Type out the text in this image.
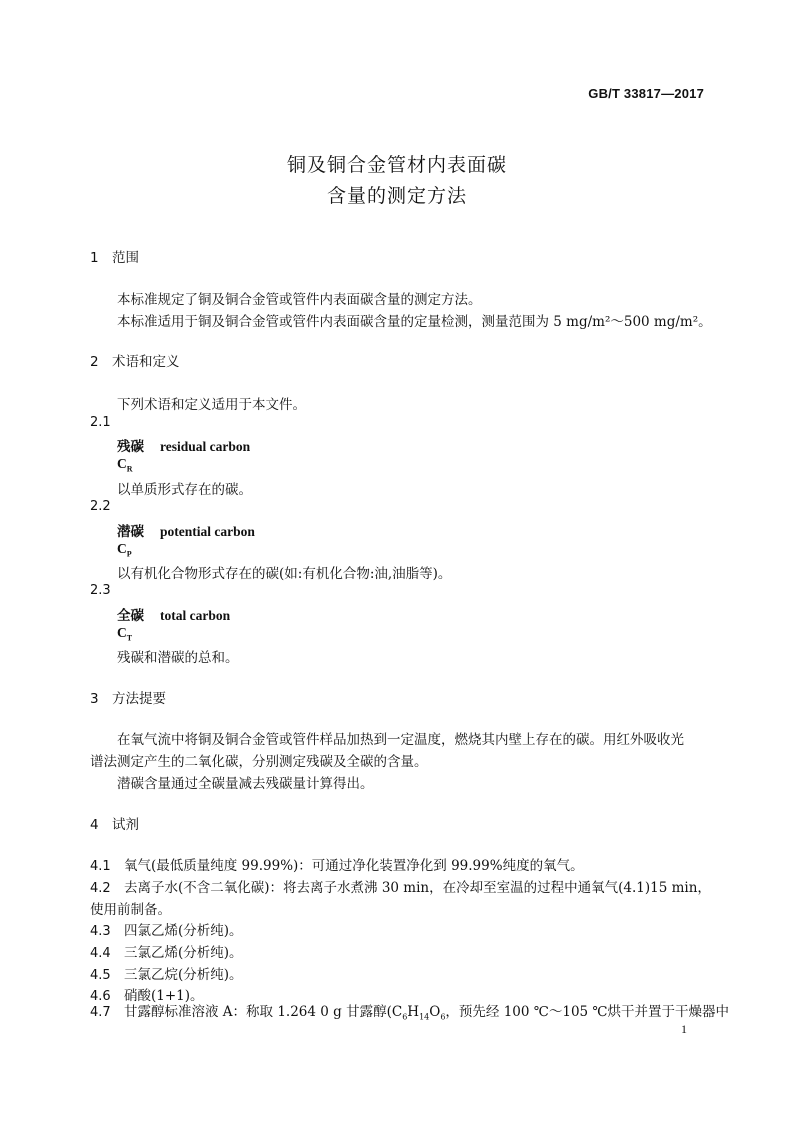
GB/T 33817—2017
铜及铜合金管材内表面碳
含量的测定方法
1 范围
本标准规定了铜及铜合金管或管件内表面碳含量的测定方法。
本标准适用于铜及铜合金管或管件内表面碳含量的定量检测，测量范围为 5 mg/m²～500 mg/m²。
2 术语和定义
下列术语和定义适用于本文件。
2.1
残碳 residual carbon
$C_R$
以单质形式存在的碳。
2.2
潜碳 potential carbon
$C_P$
以有机化合物形式存在的碳(如:有机化合物:油,油脂等)。
2.3
全碳 total carbon
$C_T$
残碳和潜碳的总和。
3 方法提要
在氧气流中将铜及铜合金管或管件样品加热到一定温度，燃烧其内壁上存在的碳。用红外吸收光
谱法测定产生的二氧化碳，分别测定残碳及全碳的含量。
潜碳含量通过全碳量减去残碳量计算得出。
4 试剂
4.1 氧气(最低质量纯度 99.99%)：可通过净化装置净化到 99.99%纯度的氧气。
4.2 去离子水(不含二氧化碳)：将去离子水煮沸 30 min，在冷却至室温的过程中通氧气(4.1)15 min，
使用前制备。
4.3 四氯乙烯(分析纯)。
4.4 三氯乙烯(分析纯)。
4.5 三氯乙烷(分析纯)。
4.6 硝酸(1+1)。
4.7 甘露醇标准溶液 A：称取 1.264 0 g 甘露醇($C_6H_{14}O_6$，预先经 100 ℃～105 ℃烘干并置于干燥器中
1
